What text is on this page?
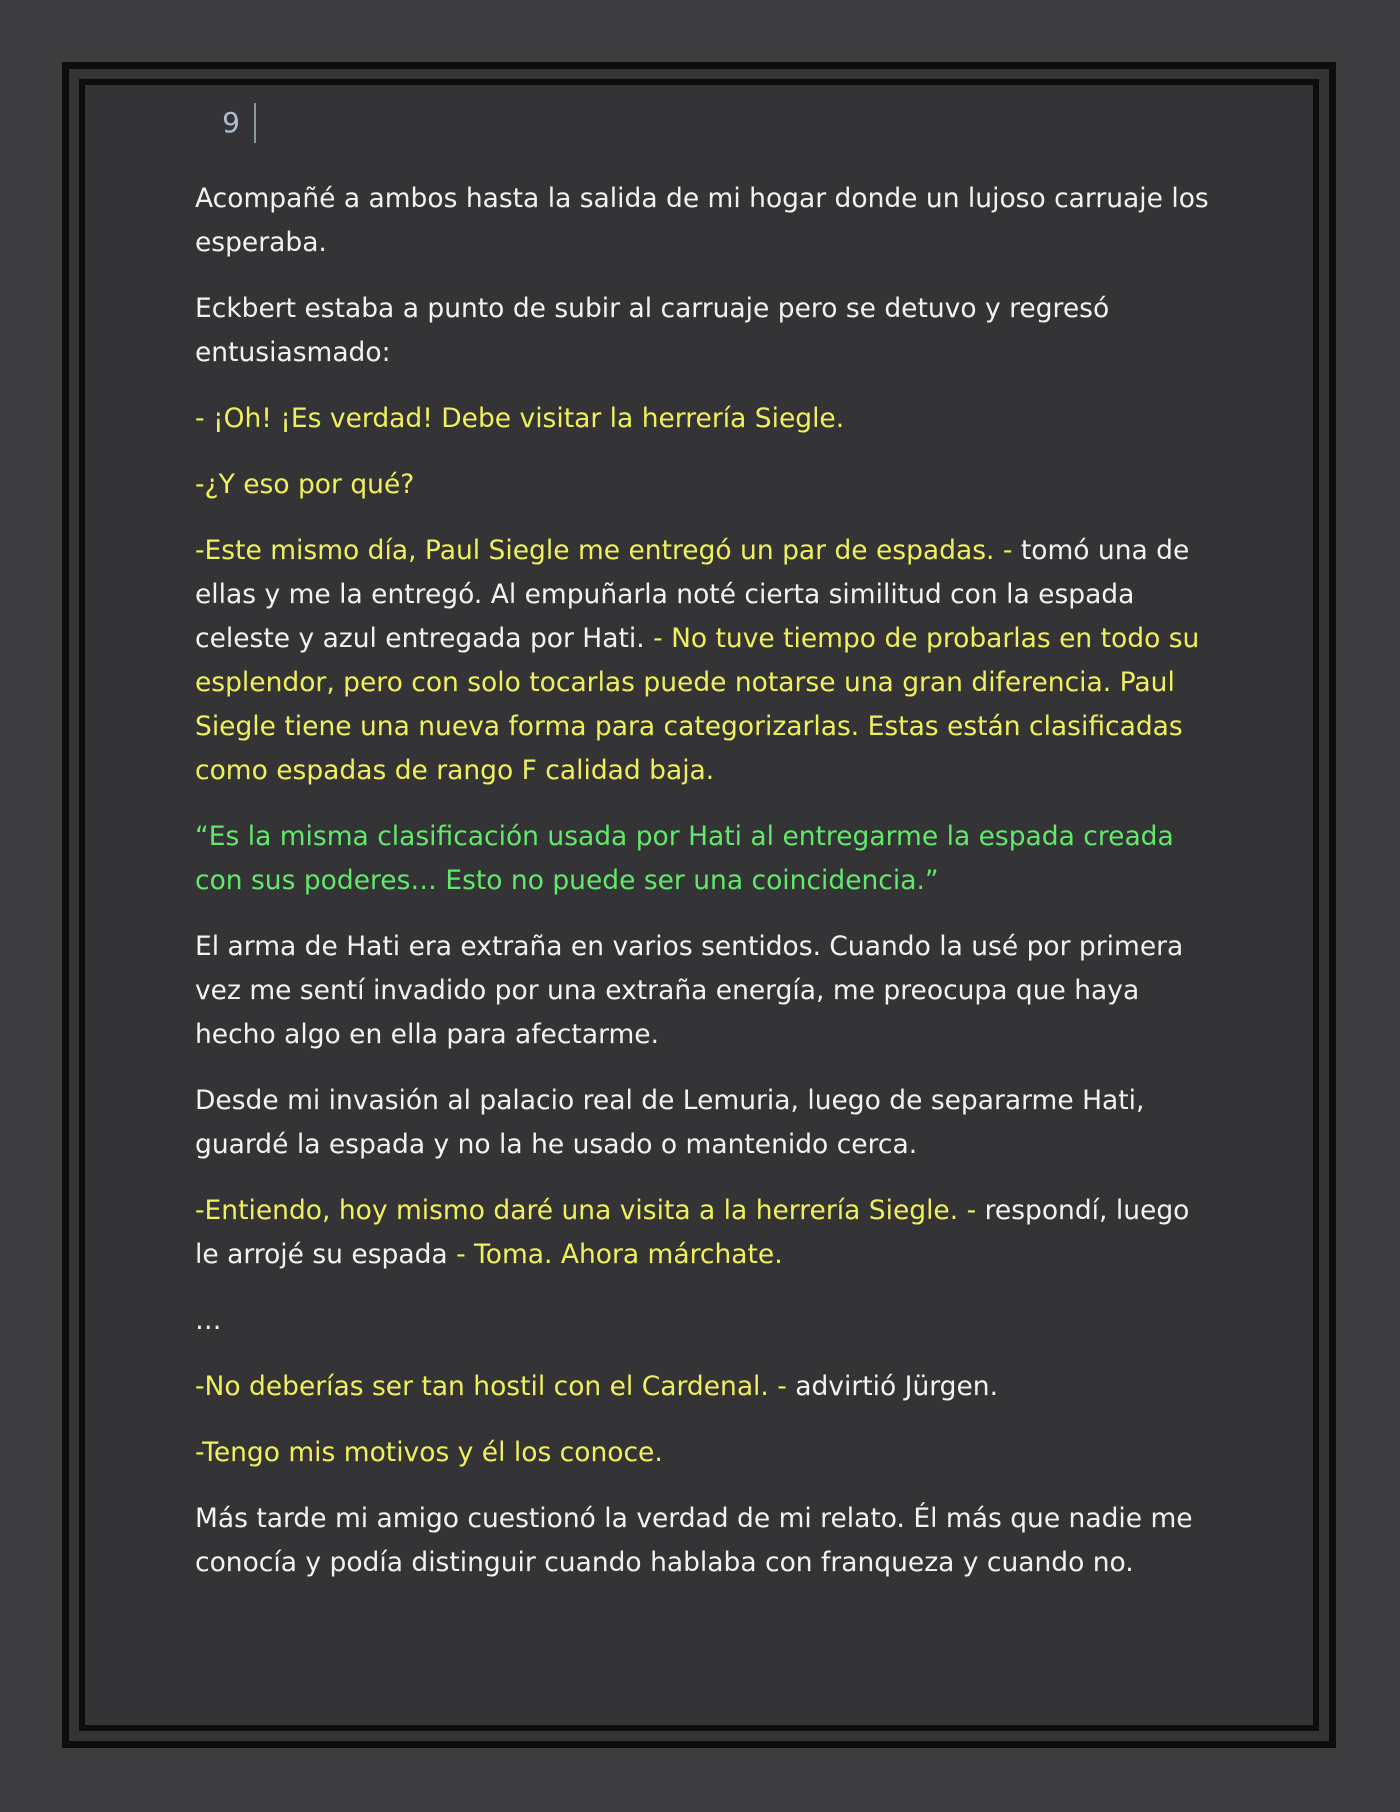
9

Acompañé a ambos hasta la salida de mi hogar donde un lujoso carruaje los esperaba.

Eckbert estaba a punto de subir al carruaje pero se detuvo y regresó entusiasmado:

- ¡Oh! ¡Es verdad! Debe visitar la herrería Siegle.

-¿Y eso por qué?

-Este mismo día, Paul Siegle me entregó un par de espadas. - tomó una de ellas y me la entregó. Al empuñarla noté cierta similitud con la espada celeste y azul entregada por Hati. - No tuve tiempo de probarlas en todo su esplendor, pero con solo tocarlas puede notarse una gran diferencia. Paul Siegle tiene una nueva forma para categorizarlas. Estas están clasificadas como espadas de rango F calidad baja.

“Es la misma clasificación usada por Hati al entregarme la espada creada con sus poderes… Esto no puede ser una coincidencia.”

El arma de Hati era extraña en varios sentidos. Cuando la usé por primera vez me sentí invadido por una extraña energía, me preocupa que haya hecho algo en ella para afectarme.

Desde mi invasión al palacio real de Lemuria, luego de separarme Hati, guardé la espada y no la he usado o mantenido cerca.

-Entiendo, hoy mismo daré una visita a la herrería Siegle. - respondí, luego le arrojé su espada - Toma. Ahora márchate.

…

-No deberías ser tan hostil con el Cardenal. - advirtió Jürgen.

-Tengo mis motivos y él los conoce.

Más tarde mi amigo cuestionó la verdad de mi relato. Él más que nadie me conocía y podía distinguir cuando hablaba con franqueza y cuando no.
